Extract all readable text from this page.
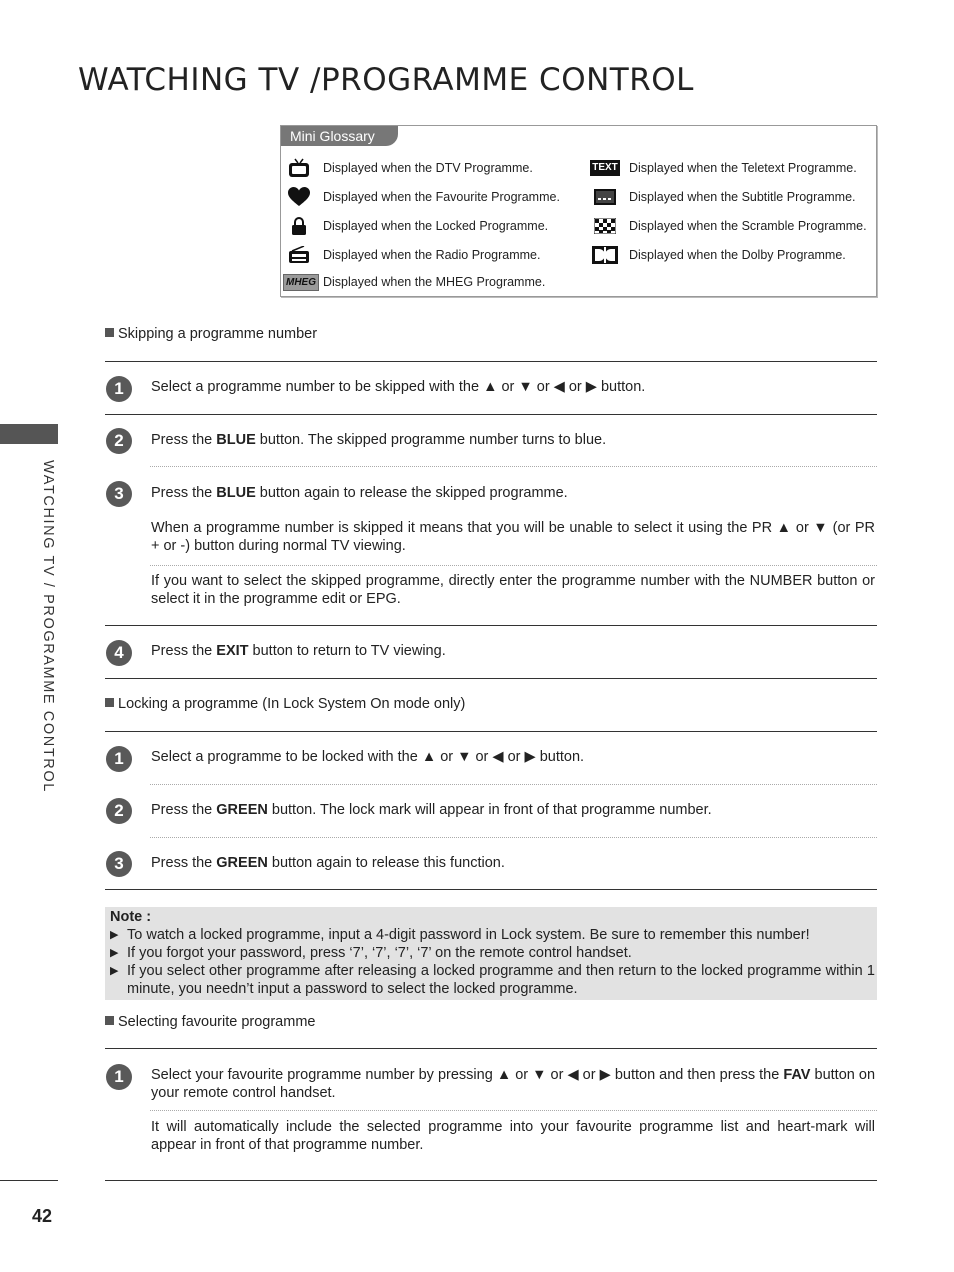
WATCHING TV /PROGRAMME CONTROL
WATCHING TV / PROGRAMME CONTROL
42
Mini Glossary
Displayed when the DTV Programme.
Displayed when the Favourite Programme.
Displayed when the Locked Programme.
Displayed when the Radio Programme.
MHEG Displayed when the MHEG Programme.
TEXT Displayed when the Teletext Programme.
Displayed when the Subtitle Programme.
Displayed when the Scramble Programme.
Displayed when the Dolby Programme.
Skipping a programme number
1	Select a programme number to be skipped with the ▲ or ▼ or ◀ or ▶ button.
2	Press the BLUE button. The skipped programme number turns to blue.
3	Press the BLUE button again to release the skipped programme.
When a programme number is skipped it means that you will be unable to select it using the PR ▲ or ▼ (or PR + or -) button during normal TV viewing.
If you want to select the skipped programme, directly enter the programme number with the NUMBER button or select it in the programme edit or EPG.
4	Press the EXIT button to return to TV viewing.
Locking a programme (In Lock System On mode only)
1	Select a programme to be locked with the ▲ or ▼ or ◀ or ▶ button.
2	Press the GREEN button. The lock mark will appear in front of that programme number.
3	Press the GREEN button again to release this function.
Note :
▶ To watch a locked programme, input a 4-digit password in Lock system. Be sure to remember this number!
▶ If you forgot your password, press ‘7’, ‘7’, ‘7’, ‘7’ on the remote control handset.
▶ If you select other programme after releasing a locked programme and then return to the locked programme within 1 minute, you needn’t input a password to select the locked programme.
Selecting favourite programme
1	Select your favourite programme number by pressing ▲ or ▼ or ◀ or ▶ button and then press the FAV button on your remote control handset.
It will automatically include the selected programme into your favourite programme list and heart-mark will appear in front of that programme number.
